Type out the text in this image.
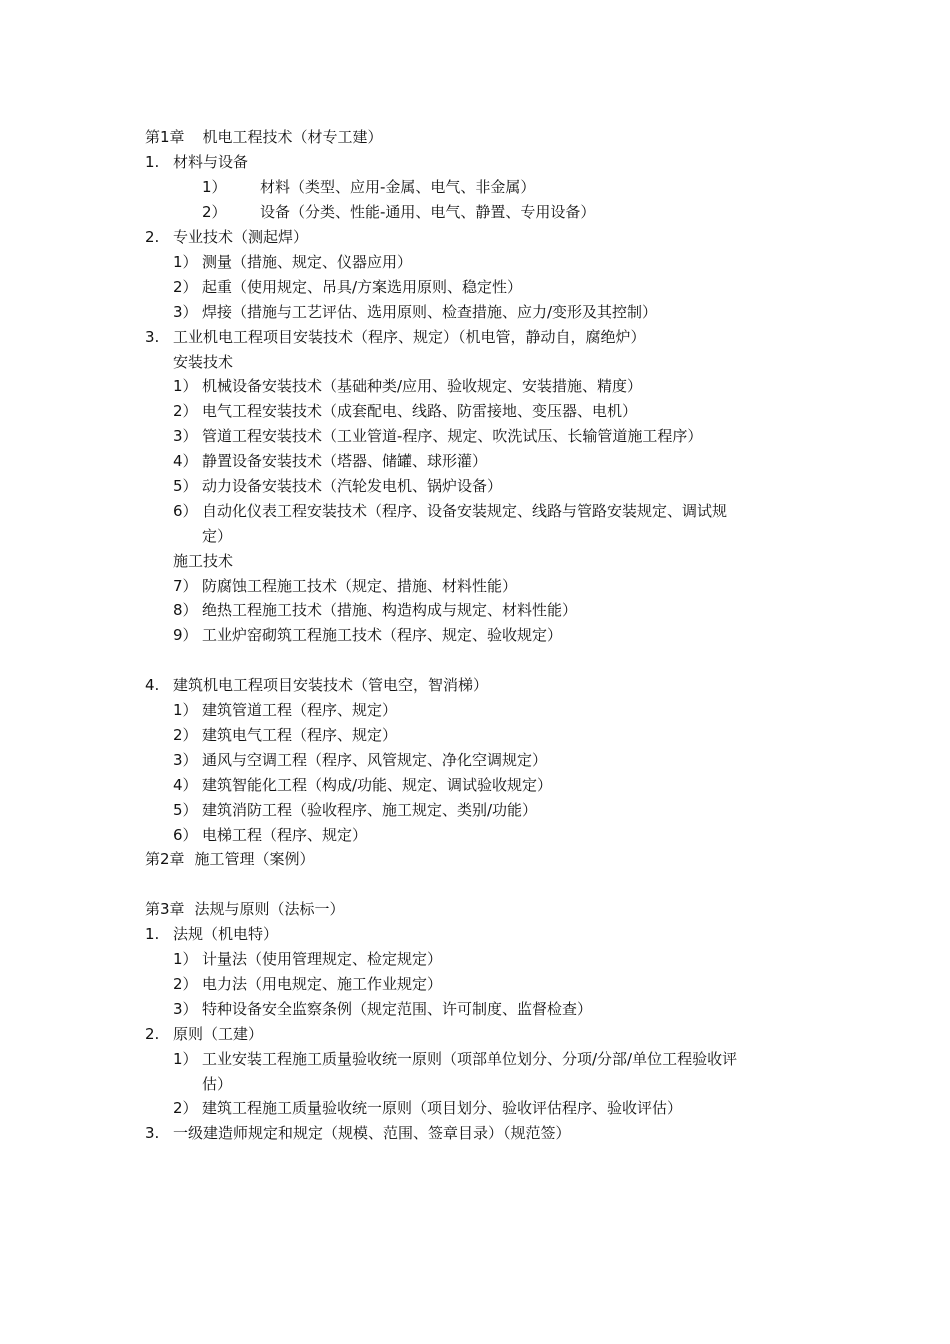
第1章 机电工程技术（材专工建）
1. 材料与设备
1） 材料（类型、应用-金属、电气、非金属）
2） 设备（分类、性能-通用、电气、静置、专用设备）
2. 专业技术（测起焊）
1） 测量（措施、规定、仪器应用）
2） 起重（使用规定、吊具/方案选用原则、稳定性）
3） 焊接（措施与工艺评估、选用原则、检查措施、应力/变形及其控制）
3. 工业机电工程项目安装技术（程序、规定）（机电管，静动自，腐绝炉）
安装技术
1） 机械设备安装技术（基础种类/应用、验收规定、安装措施、精度）
2） 电气工程安装技术（成套配电、线路、防雷接地、变压器、电机）
3） 管道工程安装技术（工业管道-程序、规定、吹洗试压、长输管道施工程序）
4） 静置设备安装技术（塔器、储罐、球形灌）
5） 动力设备安装技术（汽轮发电机、锅炉设备）
6） 自动化仪表工程安装技术（程序、设备安装规定、线路与管路安装规定、调试规
定）
施工技术
7） 防腐蚀工程施工技术（规定、措施、材料性能）
8） 绝热工程施工技术（措施、构造构成与规定、材料性能）
9） 工业炉窑砌筑工程施工技术（程序、规定、验收规定）
4. 建筑机电工程项目安装技术（管电空，智消梯）
1） 建筑管道工程（程序、规定）
2） 建筑电气工程（程序、规定）
3） 通风与空调工程（程序、风管规定、净化空调规定）
4） 建筑智能化工程（构成/功能、规定、调试验收规定）
5） 建筑消防工程（验收程序、施工规定、类别/功能）
6） 电梯工程（程序、规定）
第2章 施工管理（案例）
第3章 法规与原则（法标一）
1. 法规（机电特）
1） 计量法（使用管理规定、检定规定）
2） 电力法（用电规定、施工作业规定）
3） 特种设备安全监察条例（规定范围、许可制度、监督检查）
2. 原则（工建）
1） 工业安装工程施工质量验收统一原则（项部单位划分、分项/分部/单位工程验收评
估）
2） 建筑工程施工质量验收统一原则（项目划分、验收评估程序、验收评估）
3. 一级建造师规定和规定（规模、范围、签章目录）（规范签）
